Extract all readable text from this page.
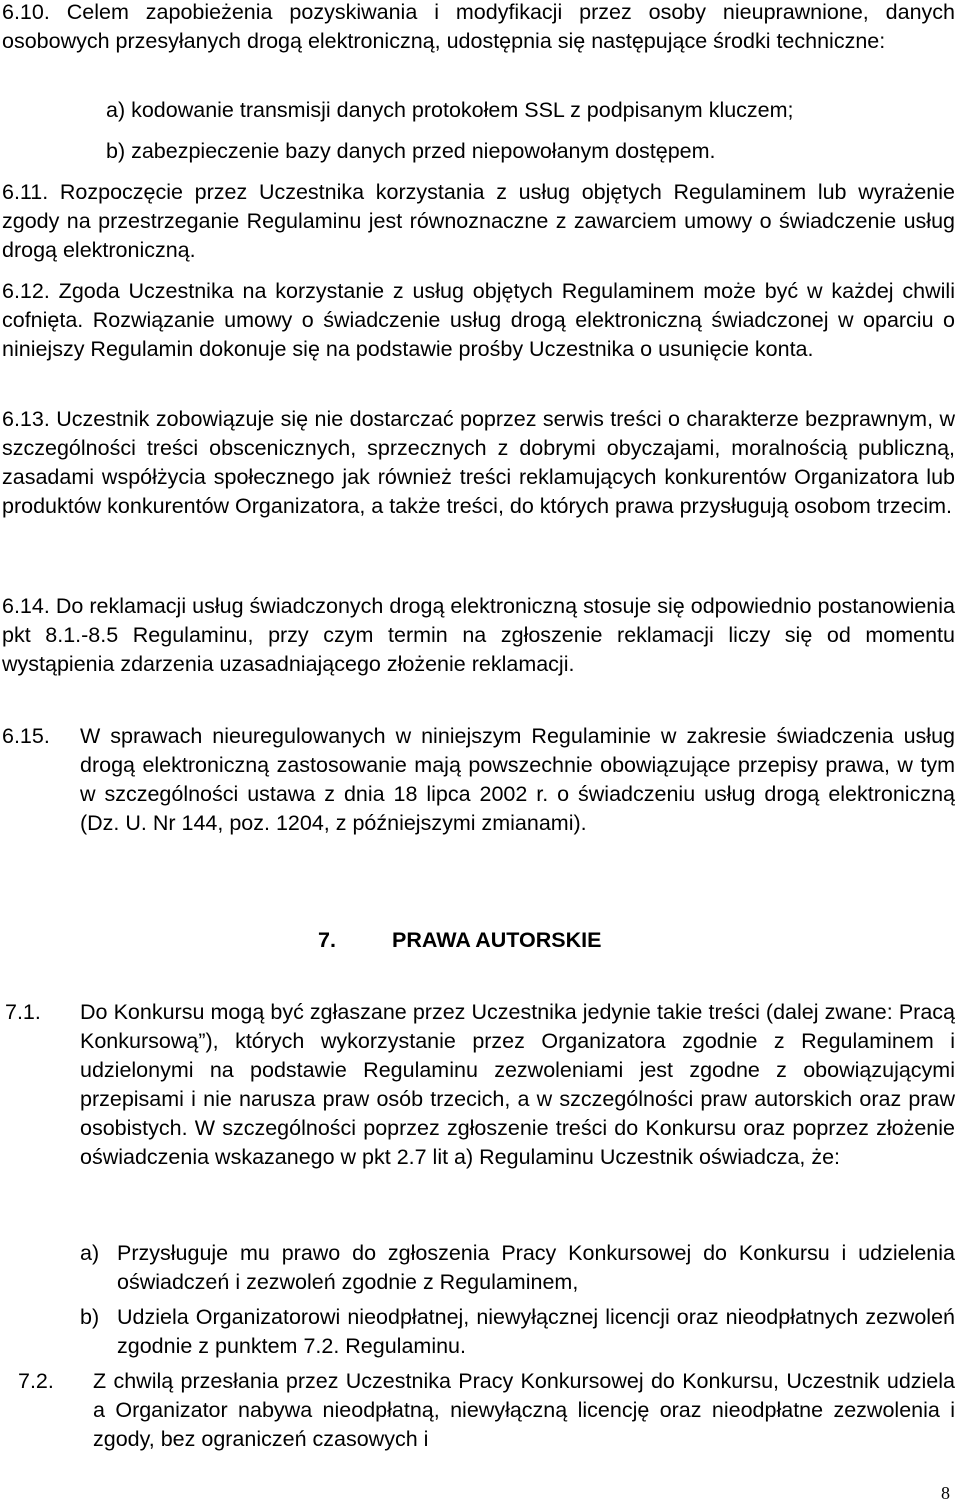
6.10. Celem zapobieżenia pozyskiwania i modyfikacji przez osoby nieuprawnione, danych osobowych przesyłanych drogą elektroniczną, udostępnia się następujące środki techniczne:

a) kodowanie transmisji danych protokołem SSL z podpisanym kluczem;

b) zabezpieczenie bazy danych przed niepowołanym dostępem.

6.11. Rozpoczęcie przez Uczestnika korzystania z usług objętych Regulaminem lub wyrażenie zgody na przestrzeganie Regulaminu jest równoznaczne z zawarciem umowy o świadczenie usług drogą elektroniczną.

6.12. Zgoda Uczestnika na korzystanie z usług objętych Regulaminem może być w każdej chwili cofnięta. Rozwiązanie umowy o świadczenie usług drogą elektroniczną świadczonej w oparciu o niniejszy Regulamin dokonuje się na podstawie prośby Uczestnika o usunięcie konta.

6.13. Uczestnik zobowiązuje się nie dostarczać poprzez serwis treści o charakterze bezprawnym, w szczególności treści obscenicznych, sprzecznych z dobrymi obyczajami, moralnością publiczną, zasadami współżycia społecznego jak również treści reklamujących konkurentów Organizatora lub produktów konkurentów Organizatora, a także treści, do których prawa przysługują osobom trzecim.

6.14. Do reklamacji usług świadczonych drogą elektroniczną stosuje się odpowiednio postanowienia pkt 8.1.-8.5 Regulaminu, przy czym termin na zgłoszenie reklamacji liczy się od momentu wystąpienia zdarzenia uzasadniającego złożenie reklamacji.

6.15. W sprawach nieuregulowanych w niniejszym Regulaminie w zakresie świadczenia usług drogą elektroniczną zastosowanie mają powszechnie obowiązujące przepisy prawa, w tym w szczególności ustawa z dnia 18 lipca 2002 r. o świadczeniu usług drogą elektroniczną (Dz. U. Nr 144, poz. 1204, z późniejszymi zmianami).

7.	PRAWA AUTORSKIE
7.1. Do Konkursu mogą być zgłaszane przez Uczestnika jedynie takie treści (dalej zwane: Pracą Konkursową”), których wykorzystanie przez Organizatora zgodnie z Regulaminem i udzielonymi na podstawie Regulaminu zezwoleniami jest zgodne z obowiązującymi przepisami i nie narusza praw osób trzecich, a w szczególności praw autorskich oraz praw osobistych. W szczególności poprzez zgłoszenie treści do Konkursu oraz poprzez złożenie oświadczenia wskazanego w pkt 2.7 lit a) Regulaminu Uczestnik oświadcza, że:

a) Przysługuje mu prawo do zgłoszenia Pracy Konkursowej do Konkursu i udzielenia oświadczeń i zezwoleń zgodnie z Regulaminem,

b) Udziela Organizatorowi nieodpłatnej, niewyłącznej licencji oraz nieodpłatnych zezwoleń zgodnie z punktem 7.2. Regulaminu.

7.2. Z chwilą przesłania przez Uczestnika Pracy Konkursowej do Konkursu, Uczestnik udziela a Organizator nabywa nieodpłatną, niewyłączną licencję oraz nieodpłatne zezwolenia i zgody, bez ograniczeń czasowych i

8
